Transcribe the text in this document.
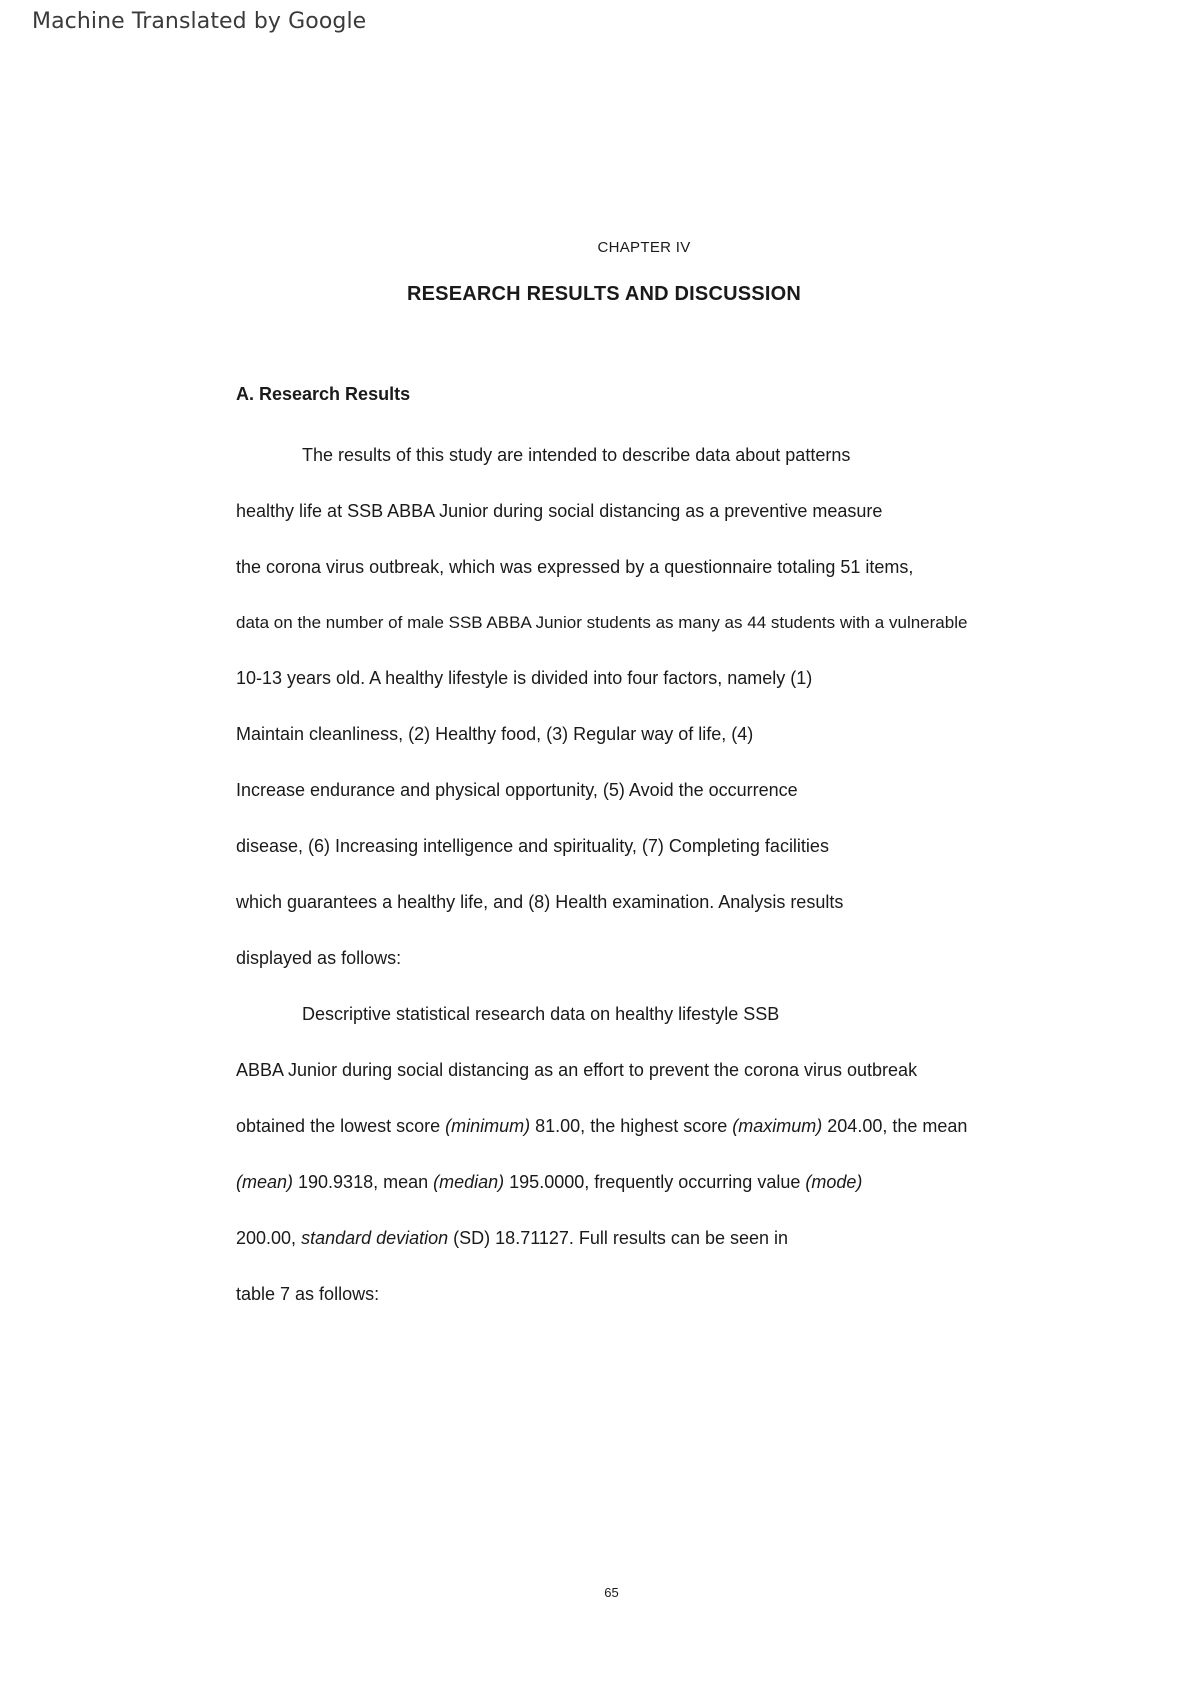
Machine Translated by Google
CHAPTER IV
RESEARCH RESULTS AND DISCUSSION
A. Research Results
The results of this study are intended to describe data about patterns
healthy life at SSB ABBA Junior during social distancing as a preventive measure
the corona virus outbreak, which was expressed by a questionnaire totaling 51 items,
data on the number of male SSB ABBA Junior students as many as 44 students with a vulnerable
10-13 years old. A healthy lifestyle is divided into four factors, namely (1)
Maintain cleanliness, (2) Healthy food, (3) Regular way of life, (4)
Increase endurance and physical opportunity, (5) Avoid the occurrence
disease, (6) Increasing intelligence and spirituality, (7) Completing facilities
which guarantees a healthy life, and (8) Health examination. Analysis results
displayed as follows:
Descriptive statistical research data on healthy lifestyle SSB
ABBA Junior during social distancing as an effort to prevent the corona virus outbreak
obtained the lowest score (minimum) 81.00, the highest score (maximum) 204.00, the mean
(mean) 190.9318, mean (median) 195.0000, frequently occurring value (mode)
200.00, standard deviation (SD) 18.71127. Full results can be seen in
table 7 as follows:
65
